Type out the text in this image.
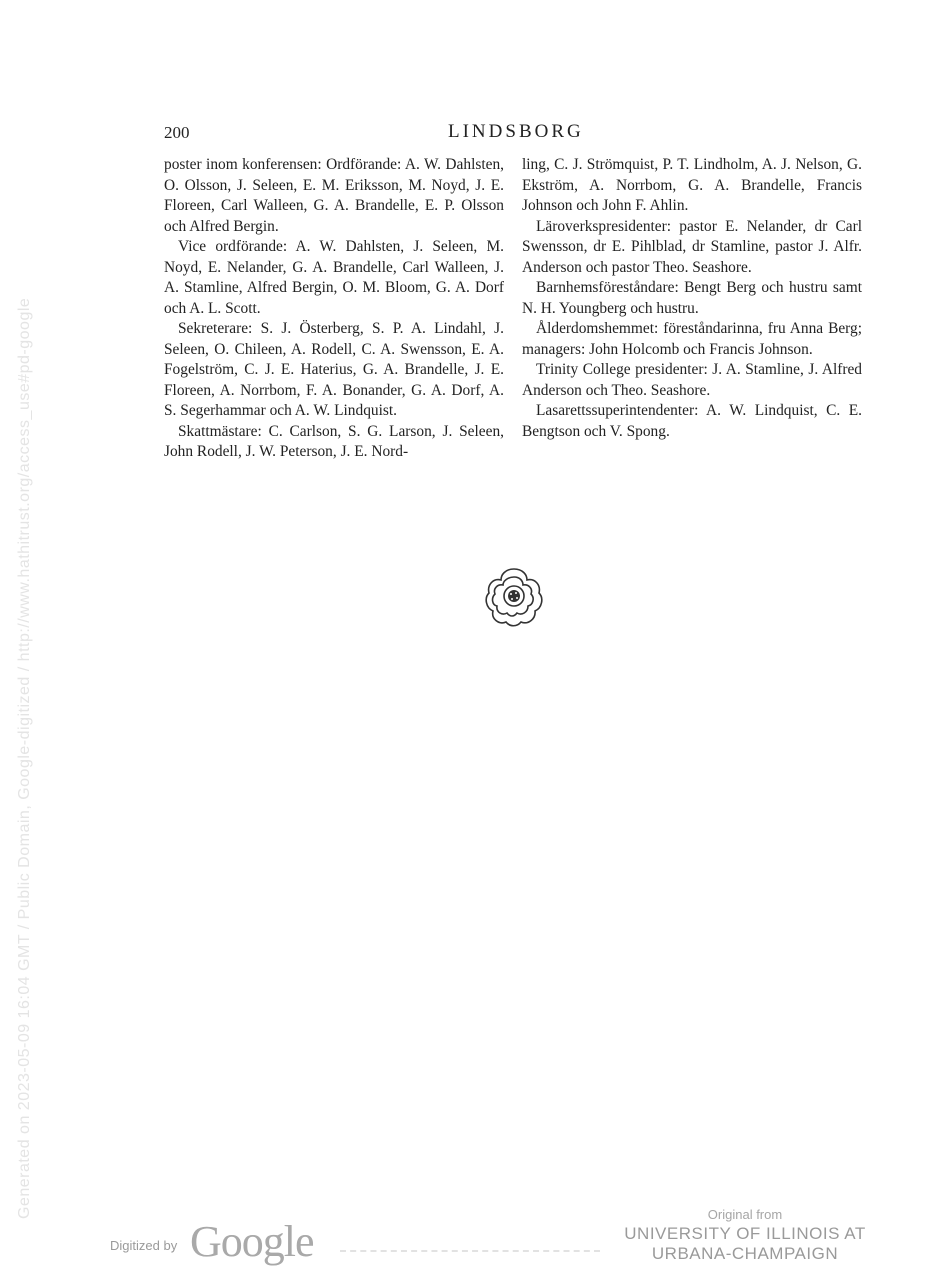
Generated on 2023-05-09 16:04 GMT / Public Domain, Google-digitized / http://www.hathitrust.org/access_use#pd-google
200	LINDSBORG

poster inom konferensen: Ordförande: A. W. Dahlsten, O. Olsson, J. Seleen, E. M. Eriksson, M. Noyd, J. E. Floreen, Carl Walleen, G. A. Brandelle, E. P. Olsson och Alfred Bergin.

Vice ordförande: A. W. Dahlsten, J. Seleen, M. Noyd, E. Nelander, G. A. Brandelle, Carl Walleen, J. A. Stamline, Alfred Bergin, O. M. Bloom, G. A. Dorf och A. L. Scott.

Sekreterare: S. J. Österberg, S. P. A. Lindahl, J. Seleen, O. Chileen, A. Rodell, C. A. Swensson, E. A. Fogelström, C. J. E. Haterius, G. A. Brandelle, J. E. Floreen, A. Norrbom, F. A. Bonander, G. A. Dorf, A. S. Segerhammar och A. W. Lindquist.

Skattmästare: C. Carlson, S. G. Larson, J. Seleen, John Rodell, J. W. Peterson, J. E. Nord-

ling, C. J. Strömquist, P. T. Lindholm, A. J. Nelson, G. Ekström, A. Norrbom, G. A. Brandelle, Francis Johnson och John F. Ahlin.

Läroverkspresidenter: pastor E. Nelander, dr Carl Swensson, dr E. Pihlblad, dr Stamline, pastor J. Alfr. Anderson och pastor Theo. Seashore.

Barnhemsföreståndare: Bengt Berg och hustru samt N. H. Youngberg och hustru.

Ålderdomshemmet: föreståndarinna, fru Anna Berg; managers: John Holcomb och Francis Johnson.

Trinity College presidenter: J. A. Stamline, J. Alfred Anderson och Theo. Seashore.

Lasarettssuperintendenter: A. W. Lindquist, C. E. Bengtson och V. Spong.

Digitized by Google
Original from
UNIVERSITY OF ILLINOIS AT
URBANA-CHAMPAIGN
